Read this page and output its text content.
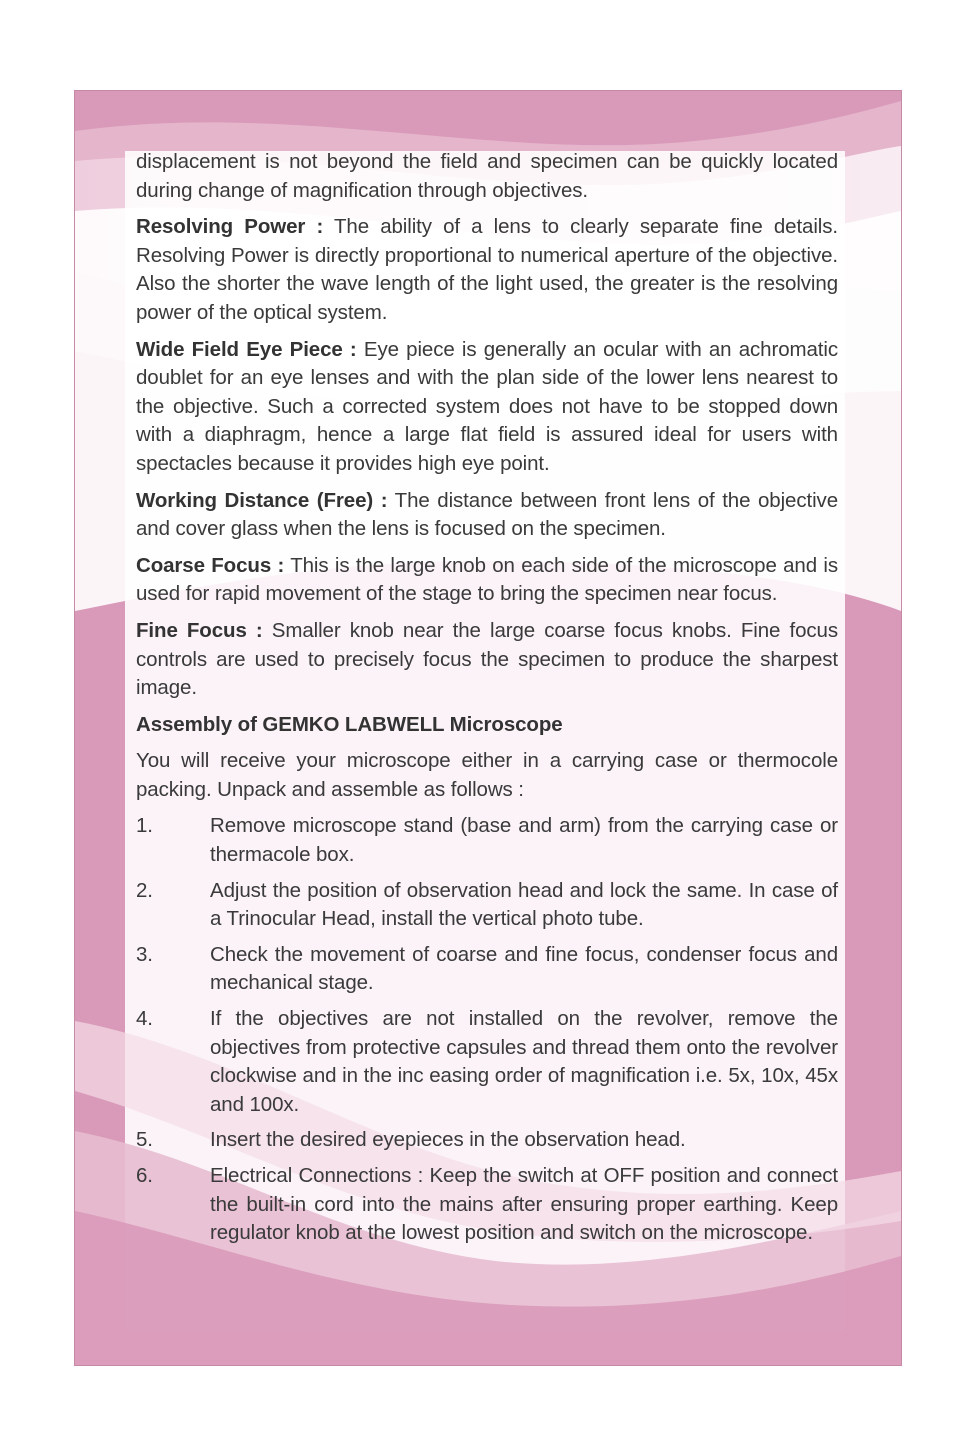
displacement is not beyond the field and specimen can be quickly located during change of magnification through objectives.

Resolving Power : The ability of a lens to clearly separate fine details. Resolving Power is directly proportional to numerical aperture of the objective. Also the shorter the wave length of the light used, the greater is the resolving power of the optical system.

Wide Field Eye Piece : Eye piece is generally an ocular with an achromatic doublet for an eye lenses and with the plan side of the lower lens nearest to the objective. Such a corrected system does not have to be stopped down with a diaphragm, hence a large flat field is assured ideal for users with spectacles because it provides high eye point.

Working Distance (Free) : The distance between front lens of the objective and cover glass when the lens is focused on the specimen.

Coarse Focus : This is the large knob on each side of the microscope and is used for rapid movement of the stage to bring the specimen near focus.

Fine Focus : Smaller knob near the large coarse focus knobs. Fine focus controls are used to precisely focus the specimen to produce the sharpest image.

Assembly of GEMKO LABWELL Microscope

You will receive your microscope either in a carrying case or thermocole packing. Unpack and assemble as follows :

1.	Remove microscope stand (base and arm) from the carrying case or thermacole box.
2.	Adjust the position of observation head and lock the same. In case of a Trinocular Head, install the vertical photo tube.
3.	Check the movement of coarse and fine focus, condenser focus and mechanical stage.
4.	If the objectives are not installed on the revolver, remove the objectives from protective capsules and thread them onto the revolver clockwise and in the inc easing order of magnification i.e. 5x, 10x, 45x and 100x.
5.	Insert the desired eyepieces in the observation head.
6.	Electrical Connections : Keep the switch at OFF position and connect the built-in cord into the mains after ensuring proper earthing. Keep regulator knob at the lowest position and switch on the microscope.
